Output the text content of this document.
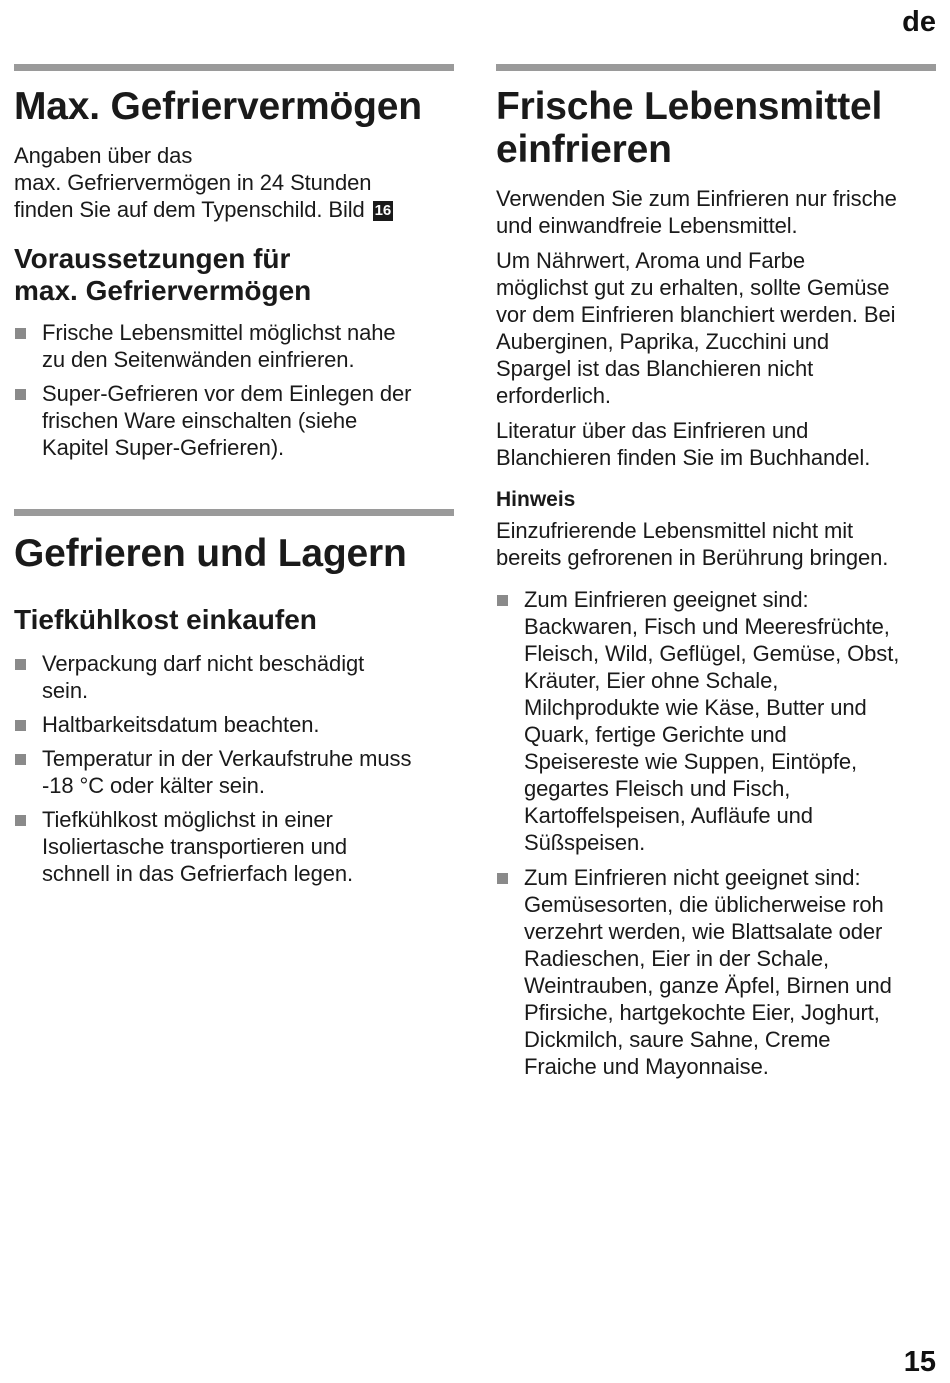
de
Max. Gefriervermögen

Angaben über das
max. Gefriervermögen in 24 Stunden
finden Sie auf dem Typenschild. Bild 16

Voraussetzungen für
max. Gefriervermögen
Frische Lebensmittel möglichst nahe
zu den Seitenwänden einfrieren.
Super-Gefrieren vor dem Einlegen der
frischen Ware einschalten (siehe
Kapitel Super-Gefrieren).
Gefrieren und Lagern
Tiefkühlkost einkaufen
Verpackung darf nicht beschädigt
sein.
Haltbarkeitsdatum beachten.
Temperatur in der Verkaufstruhe muss
-18 °C oder kälter sein.
Tiefkühlkost möglichst in einer
Isoliertasche transportieren und
schnell in das Gefrierfach legen.
Frische Lebensmittel
einfrieren

Verwenden Sie zum Einfrieren nur frische
und einwandfreie Lebensmittel.

Um Nährwert, Aroma und Farbe
möglichst gut zu erhalten, sollte Gemüse
vor dem Einfrieren blanchiert werden. Bei
Auberginen, Paprika, Zucchini und
Spargel ist das Blanchieren nicht
erforderlich.

Literatur über das Einfrieren und
Blanchieren finden Sie im Buchhandel.

Hinweis

Einzufrierende Lebensmittel nicht mit
bereits gefrorenen in Berührung bringen.

Zum Einfrieren geeignet sind:
Backwaren, Fisch und Meeresfrüchte,
Fleisch, Wild, Geflügel, Gemüse, Obst,
Kräuter, Eier ohne Schale,
Milchprodukte wie Käse, Butter und
Quark, fertige Gerichte und
Speisereste wie Suppen, Eintöpfe,
gegartes Fleisch und Fisch,
Kartoffelspeisen, Aufläufe und
Süßspeisen.
Zum Einfrieren nicht geeignet sind:
Gemüsesorten, die üblicherweise roh
verzehrt werden, wie Blattsalate oder
Radieschen, Eier in der Schale,
Weintrauben, ganze Äpfel, Birnen und
Pfirsiche, hartgekochte Eier, Joghurt,
Dickmilch, saure Sahne, Creme
Fraiche und Mayonnaise.
15
